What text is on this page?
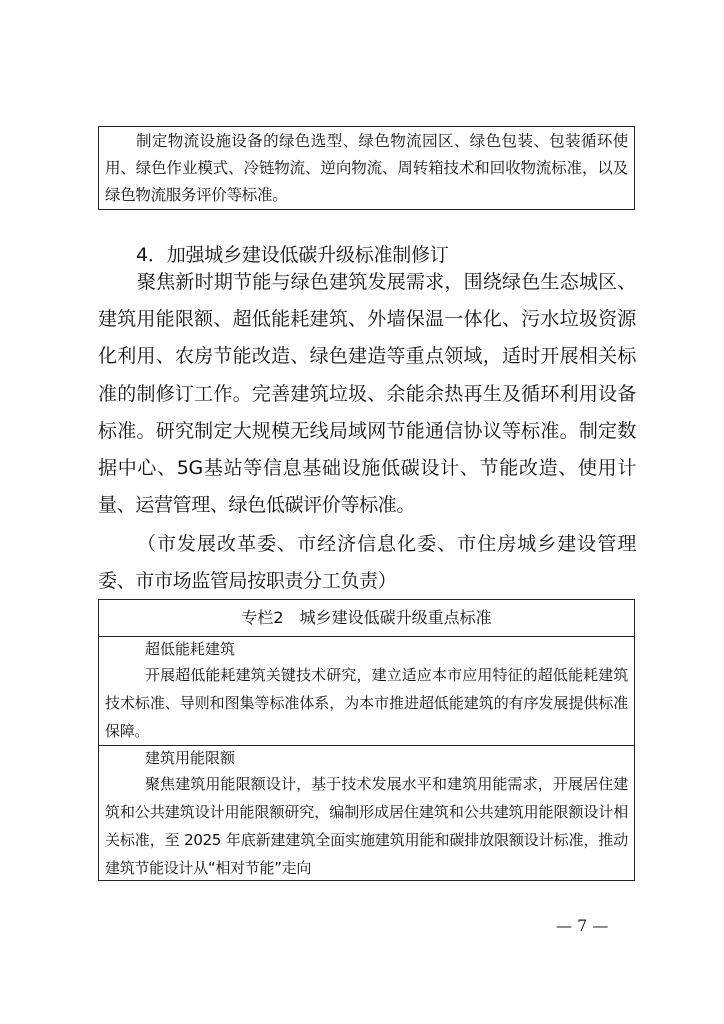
制定物流设施设备的绿色选型、绿色物流园区、绿色包装、包装循环使用、绿色作业模式、冷链物流、逆向物流、周转箱技术和回收物流标准，以及绿色物流服务评价等标准。

4．加强城乡建设低碳升级标准制修订

聚焦新时期节能与绿色建筑发展需求，围绕绿色生态城区、建筑用能限额、超低能耗建筑、外墙保温一体化、污水垃圾资源化利用、农房节能改造、绿色建造等重点领域，适时开展相关标准的制修订工作。完善建筑垃圾、余能余热再生及循环利用设备标准。研究制定大规模无线局域网节能通信协议等标准。制定数据中心、5G基站等信息基础设施低碳设计、节能改造、使用计量、运营管理、绿色低碳评价等标准。

（市发展改革委、市经济信息化委、市住房城乡建设管理委、市市场监管局按职责分工负责）

专栏2　城乡建设低碳升级重点标准

超低能耗建筑

开展超低能耗建筑关键技术研究，建立适应本市应用特征的超低能耗建筑技术标准、导则和图集等标准体系，为本市推进超低能建筑的有序发展提供标准保障。

建筑用能限额

聚焦建筑用能限额设计，基于技术发展水平和建筑用能需求，开展居住建筑和公共建筑设计用能限额研究，编制形成居住建筑和公共建筑用能限额设计相关标准，至 2025 年底新建建筑全面实施建筑用能和碳排放限额设计标准，推动建筑节能设计从“相对节能”走向

— 7 —
